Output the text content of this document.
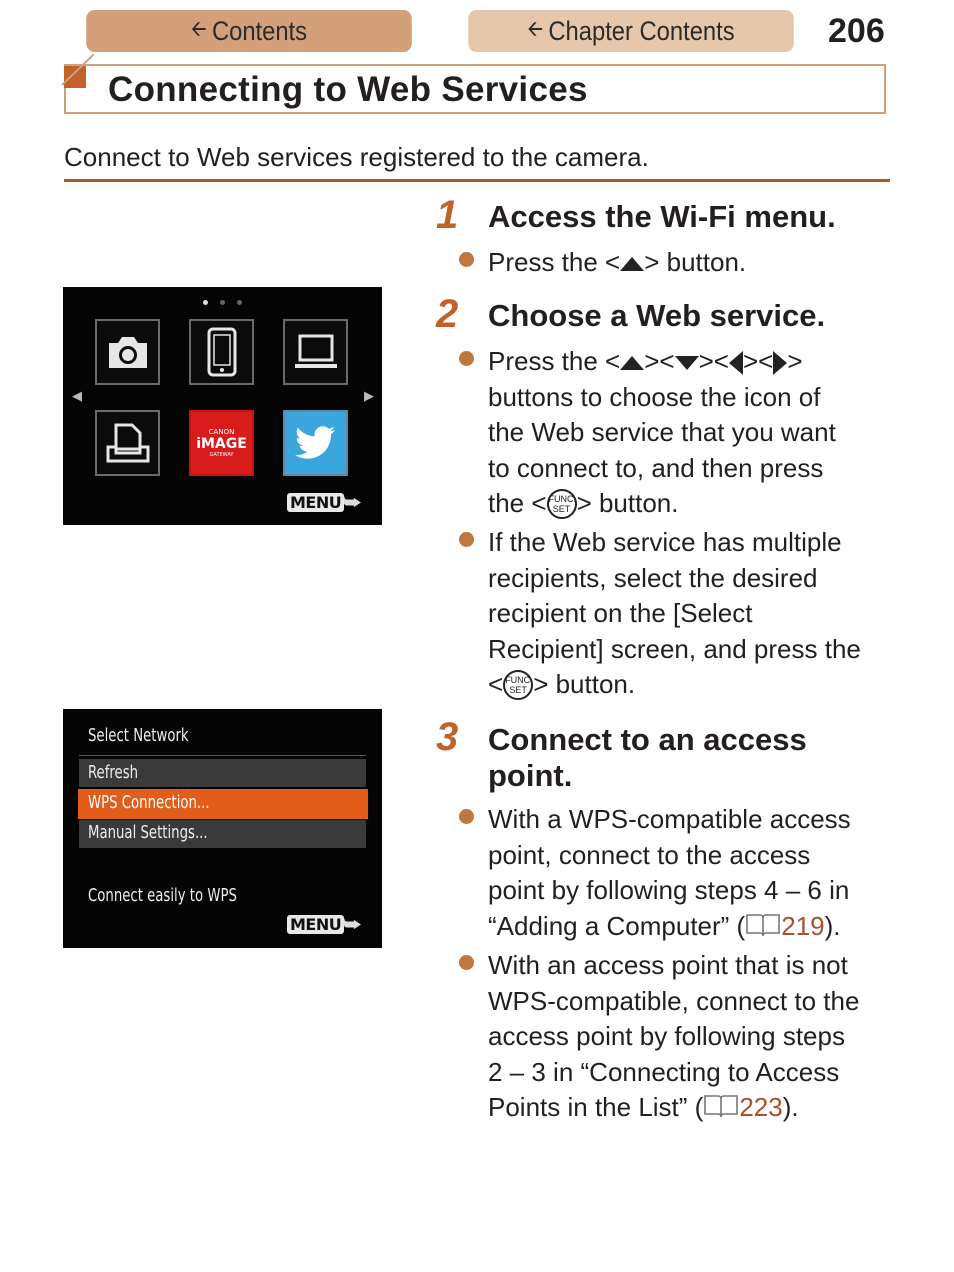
🡨 Contents	🡨 Chapter Contents	206
Connecting to Web Services
Connect to Web services registered to the camera.
◀	▶
CANON
iMAGE
GATEWAY
MENU ⮩
Select Network
Refresh
WPS Connection...
Manual Settings...
Connect easily to WPS
MENU ⮩
1 Access the Wi-Fi menu.
Press the < > button.
2 Choose a Web service.
Press the < >< >< >< >
buttons to choose the icon of
the Web service that you want
to connect to, and then press
the < FUNC.
SET > button.
If the Web service has multiple
recipients, select the desired
recipient on the [Select
Recipient] screen, and press the
< FUNC.
SET > button.
3 Connect to an access
point.
With a WPS-compatible access
point, connect to the access
point by following steps 4 – 6 in
“Adding a Computer” ( 219).
With an access point that is not
WPS-compatible, connect to the
access point by following steps
2 – 3 in “Connecting to Access
Points in the List” ( 223).
